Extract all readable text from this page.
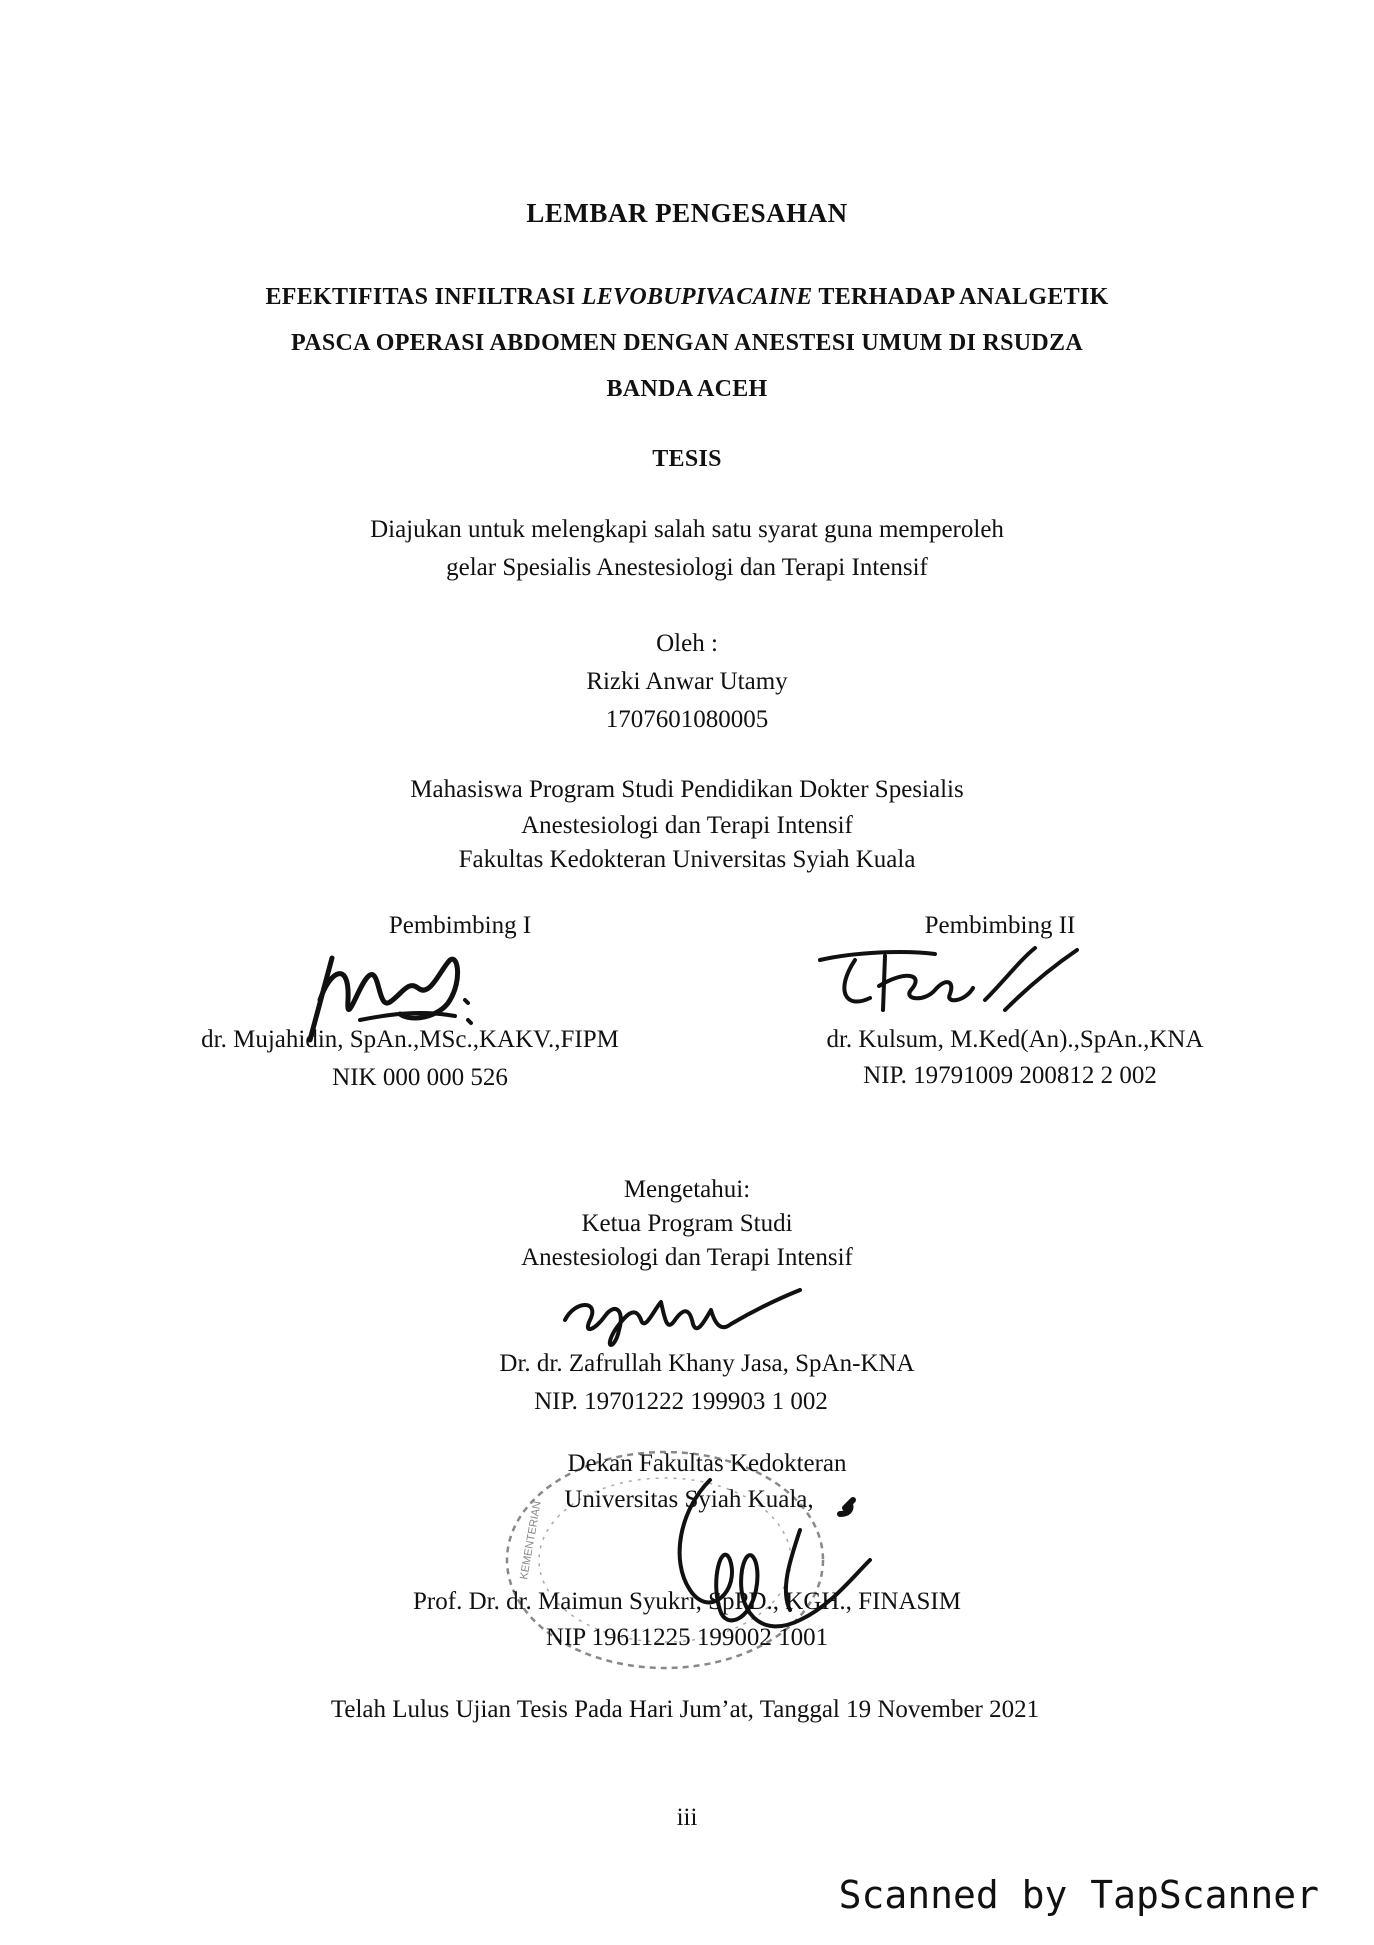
LEMBAR PENGESAHAN
EFEKTIFITAS INFILTRASI LEVOBUPIVACAINE TERHADAP ANALGETIK
PASCA OPERASI ABDOMEN DENGAN ANESTESI UMUM DI RSUDZA
BANDA ACEH
TESIS
Diajukan untuk melengkapi salah satu syarat guna memperoleh
gelar Spesialis Anestesiologi dan Terapi Intensif
Oleh :
Rizki Anwar Utamy
1707601080005
Mahasiswa Program Studi Pendidikan Dokter Spesialis
Anestesiologi dan Terapi Intensif
Fakultas Kedokteran Universitas Syiah Kuala
Pembimbing I
dr. Mujahidin, SpAn.,MSc.,KAKV.,FIPM
NIK 000 000 526
Pembimbing II
dr. Kulsum, M.Ked(An).,SpAn.,KNA
NIP. 19791009 200812 2 002
Mengetahui:
Ketua Program Studi
Anestesiologi dan Terapi Intensif
Dr. dr. Zafrullah Khany Jasa, SpAn-KNA
NIP. 19701222 199903 1 002
KEMENTERIAN
Dekan Fakultas Kedokteran
Universitas Syiah Kuala,
Prof. Dr. dr. Maimun Syukri, SpPD., KGH., FINASIM
NIP 19611225 199002 1001
Telah Lulus Ujian Tesis Pada Hari Jum’at, Tanggal 19 November 2021
iii
Scanned by TapScanner
